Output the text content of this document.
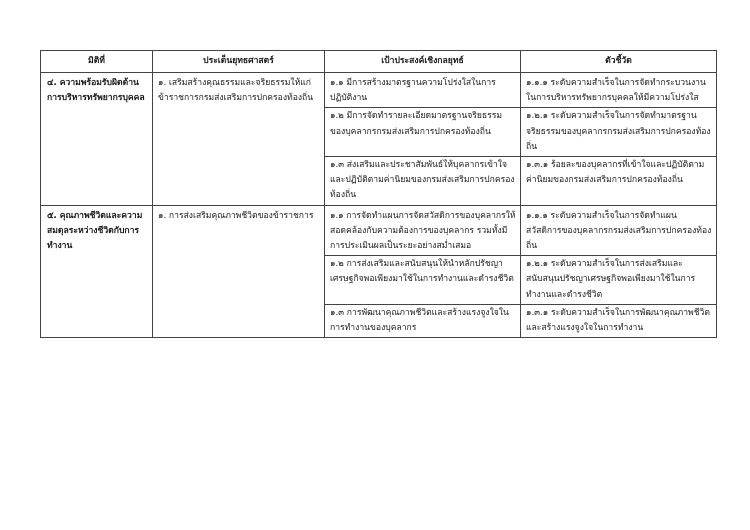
มิติที่	ประเด็นยุทธศาสตร์	เป้าประสงค์เชิงกลยุทธ์	ตัวชี้วัด
๔. ความพร้อมรับผิดด้านการบริหารทรัพยากรบุคคล	๑. เสริมสร้างคุณธรรมและจริยธรรมให้แก่ข้าราชการกรมส่งเสริมการปกครองท้องถิ่น	๑.๑ มีการสร้างมาตรฐานความโปร่งใสในการปฏิบัติงาน	๑.๑.๑ ระดับความสำเร็จในการจัดทำกระบวนงานในการบริหารทรัพยากรบุคคลให้มีความโปร่งใส
		๑.๒ มีการจัดทำรายละเอียดมาตรฐานจริยธรรมของบุคลากรกรมส่งเสริมการปกครองท้องถิ่น	๑.๒.๑ ระดับความสำเร็จในการจัดทำมาตรฐานจริยธรรมของบุคลากรกรมส่งเสริมการปกครองท้องถิ่น
		๑.๓ ส่งเสริมและประชาสัมพันธ์ให้บุคลากรเข้าใจและปฏิบัติตามค่านิยมของกรมส่งเสริมการปกครองท้องถิ่น	๑.๓.๑ ร้อยละของบุคลากรที่เข้าใจและปฏิบัติตามค่านิยมของกรมส่งเสริมการปกครองท้องถิ่น
๕. คุณภาพชีวิตและความสมดุลระหว่างชีวิตกับการทำงาน	๑. การส่งเสริมคุณภาพชีวิตของข้าราชการ	๑.๑ การจัดทำแผนการจัดสวัสดิการของบุคลากรให้สอดคล้องกับความต้องการของบุคลากร รวมทั้งมีการประเมินผลเป็นระยะอย่างสม่ำเสมอ	๑.๑.๑ ระดับความสำเร็จในการจัดทำแผนสวัสดิการของบุคลากรกรมส่งเสริมการปกครองท้องถิ่น
		๑.๒ การส่งเสริมและสนับสนุนให้นำหลักปรัชญาเศรษฐกิจพอเพียงมาใช้ในการทำงานและดำรงชีวิต	๑.๒.๑ ระดับความสำเร็จในการส่งเสริมและสนับสนุนปรัชญาเศรษฐกิจพอเพียงมาใช้ในการทำงานและดำรงชีวิต
		๑.๓ การพัฒนาคุณภาพชีวิตและสร้างแรงจูงใจในการทำงานของบุคลากร	๑.๓.๑ ระดับความสำเร็จในการพัฒนาคุณภาพชีวิตและสร้างแรงจูงใจในการทำงาน
